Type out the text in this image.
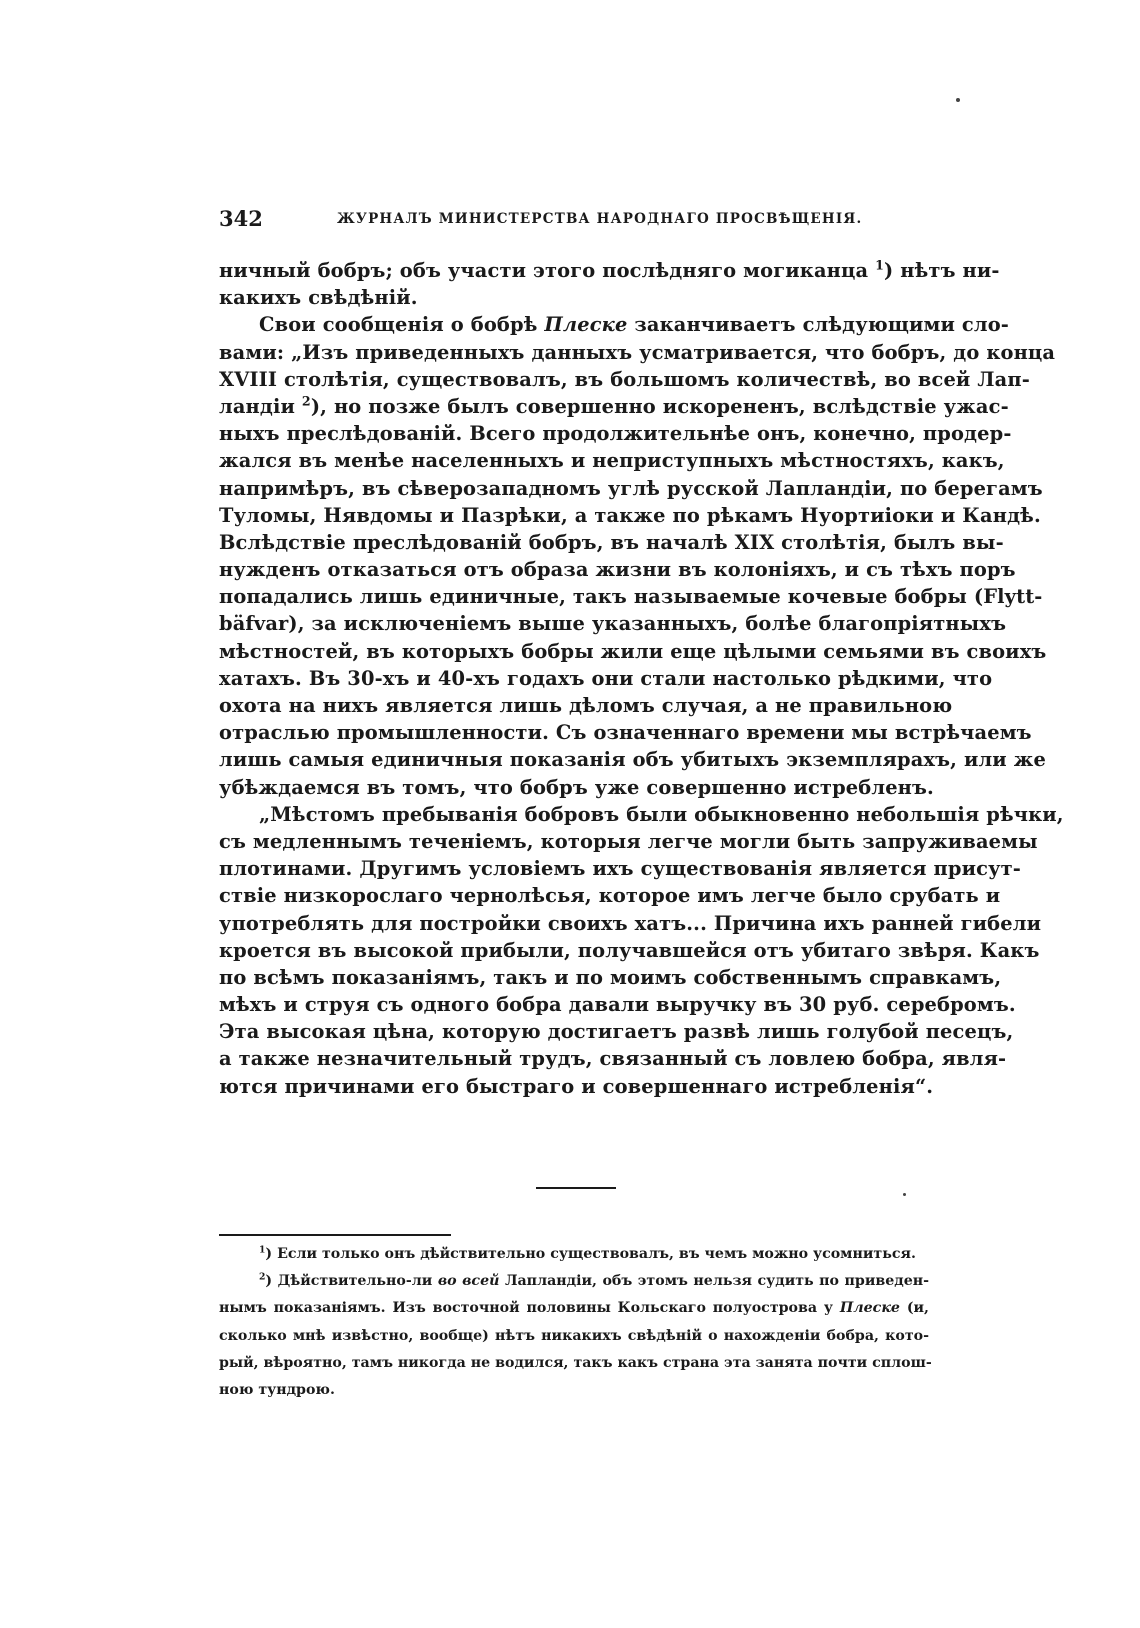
342	ЖУРНАЛЪ МИНИСТЕРСТВА НАРОДНАГО ПРОСВѢЩЕНІЯ.
ничный бобръ; объ участи этого послѣдняго могиканца $^1$) нѣтъ ни-
какихъ свѣдѣній.
Свои сообщенія о бобрѣ Плеске заканчиваетъ слѣдующими сло-
вами: „Изъ приведенныхъ данныхъ усматривается, что бобръ, до конца
XVIII столѣтія, существовалъ, въ большомъ количествѣ, во всей Лап-
ландіи $^2$), но позже былъ совершенно искорененъ, вслѣдствіе ужас-
ныхъ преслѣдованій. Всего продолжительнѣе онъ, конечно, продер-
жался въ менѣе населенныхъ и неприступныхъ мѣстностяхъ, какъ,
напримѣръ, въ сѣверозападномъ углѣ русской Лапландіи, по берегамъ
Туломы, Нявдомы и Пазрѣки, а также по рѣкамъ Нуортиіоки и Кандѣ.
Вслѣдствіе преслѣдованій бобръ, въ началѣ XIX столѣтія, былъ вы-
нужденъ отказаться отъ образа жизни въ колоніяхъ, и съ тѣхъ поръ
попадались лишь единичные, такъ называемые кочевые бобры (Flytt-
bäfvar), за исключеніемъ выше указанныхъ, болѣе благопріятныхъ
мѣстностей, въ которыхъ бобры жили еще цѣлыми семьями въ своихъ
хатахъ. Въ 30-хъ и 40-хъ годахъ они стали настолько рѣдкими, что
охота на нихъ является лишь дѣломъ случая, а не правильною
отраслью промышленности. Съ означеннаго времени мы встрѣчаемъ
лишь самыя единичныя показанія объ убитыхъ экземплярахъ, или же
убѣждаемся въ томъ, что бобръ уже совершенно истребленъ.
„Мѣстомъ пребыванія бобровъ были обыкновенно небольшія рѣчки,
съ медленнымъ теченіемъ, которыя легче могли быть запруживаемы
плотинами. Другимъ условіемъ ихъ существованія является присут-
ствіе низкорослаго чернолѣсья, которое имъ легче было срубать и
употреблять для постройки своихъ хатъ... Причина ихъ ранней гибели
кроется въ высокой прибыли, получавшейся отъ убитаго звѣря. Какъ
по всѣмъ показаніямъ, такъ и по моимъ собственнымъ справкамъ,
мѣхъ и струя съ одного бобра давали выручку въ 30 руб. серебромъ.
Эта высокая цѣна, которую достигаетъ развѣ лишь голубой песецъ,
а также незначительный трудъ, связанный съ ловлею бобра, явля-
ются причинами его быстраго и совершеннаго истребленія“.
$^1$) Если только онъ дѣйствительно существовалъ, въ чемъ можно усомниться.
$^2$) Дѣйствительно-ли во всей Лапландіи, объ этомъ нельзя судить по приведен-
нымъ показаніямъ. Изъ восточной половины Кольскаго полуострова у Плеске (и,
сколько мнѣ извѣстно, вообще) нѣтъ никакихъ свѣдѣній о нахожденіи бобра, кото-
рый, вѣроятно, тамъ никогда не водился, такъ какъ страна эта занята почти сплош-
ною тундрою.
